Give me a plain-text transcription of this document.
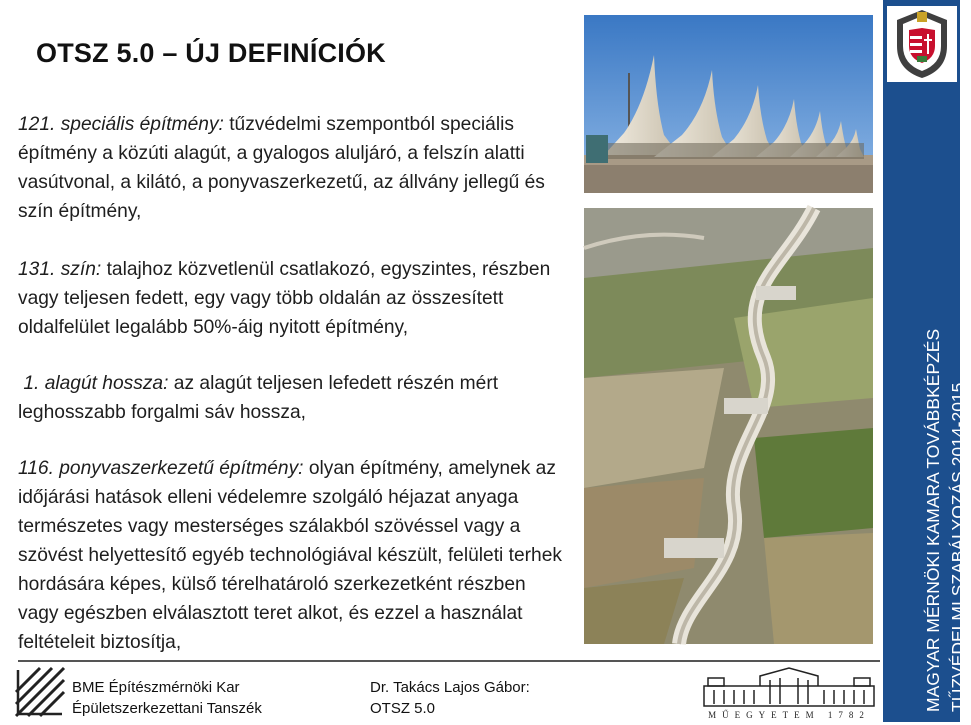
OTSZ 5.0 – ÚJ DEFINÍCIÓK

121. speciális építmény: tűzvédelmi szempontból speciális építmény a közúti alagút, a gyalogos aluljáró, a felszín alatti vasútvonal, a kilátó, a ponyvaszerkezetű, az állvány jellegű és szín építmény,

131. szín: talajhoz közvetlenül csatlakozó, egyszintes, részben vagy teljesen fedett, egy vagy több oldalán az összesített oldalfelület legalább 50%-áig nyitott építmény,

1. alagút hossza: az alagút teljesen lefedett részén mért leghosszabb forgalmi sáv hossza,

116. ponyvaszerkezetű építmény: olyan építmény, amelynek az időjárási hatások elleni védelemre szolgáló héjazat anyaga természetes vagy mesterséges szálakból szövéssel vagy a szövést helyettesítő egyéb technológiával készült, felületi terhek hordására képes, külső térelhatároló szerkezetként részben vagy egészben elválasztott teret alkot, és ezzel a használat feltételeit biztosítja,	MAGYAR MÉRNÖKI KAMARA TOVÁBBKÉPZÉS TŰZVÉDELMI SZABÁLYOZÁS 2014-2015.
BME Építészmérnöki Kar
Épületszerkezettani Tanszék
Dr. Takács Lajos Gábor:
OTSZ 5.0	MŰEGYETEM 1782
